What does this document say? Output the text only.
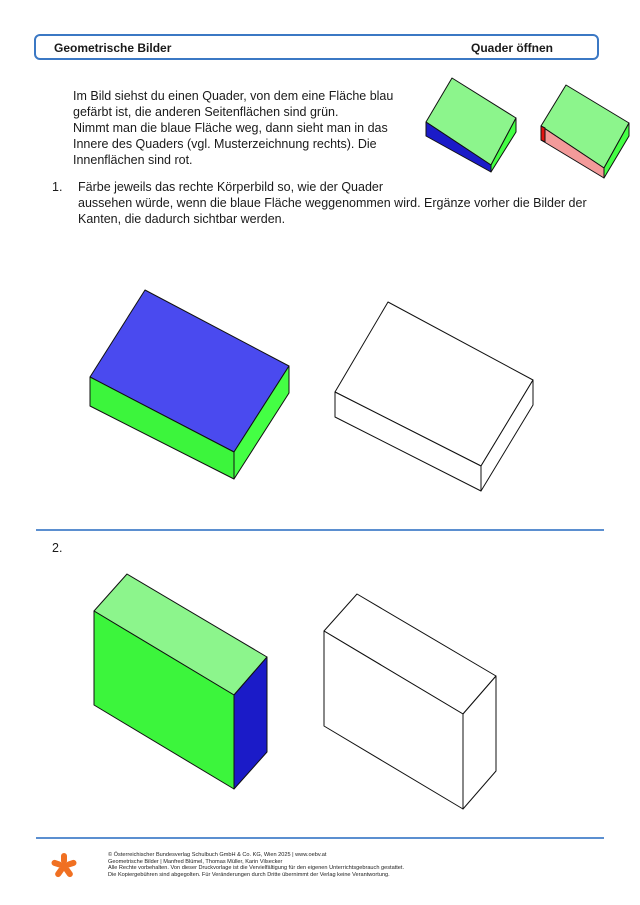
Geometrische Bilder	Quader öffnen
Im Bild siehst du einen Quader, von dem eine Fläche blau
gefärbt ist, die anderen Seitenflächen sind grün.
Nimmt man die blaue Fläche weg, dann sieht man in das
Innere des Quaders (vgl. Musterzeichnung rechts). Die
Innenflächen sind rot.
1. Färbe jeweils das rechte Körperbild so, wie der Quader
aussehen würde, wenn die blaue Fläche weggenommen wird. Ergänze vorher die Bilder der
Kanten, die dadurch sichtbar werden.
2.
© Österreichischer Bundesverlag Schulbuch GmbH & Co. KG, Wien 2025 | www.oebv.at
Geometrische Bilder | Manfred Blümel, Thomas Müller, Karin Vilsecker
Alle Rechte vorbehalten. Von dieser Druckvorlage ist die Vervielfältigung für den eigenen Unterrichtsgebrauch gestattet.
Die Kopiergebühren sind abgegolten. Für Veränderungen durch Dritte übernimmt der Verlag keine Verantwortung.
